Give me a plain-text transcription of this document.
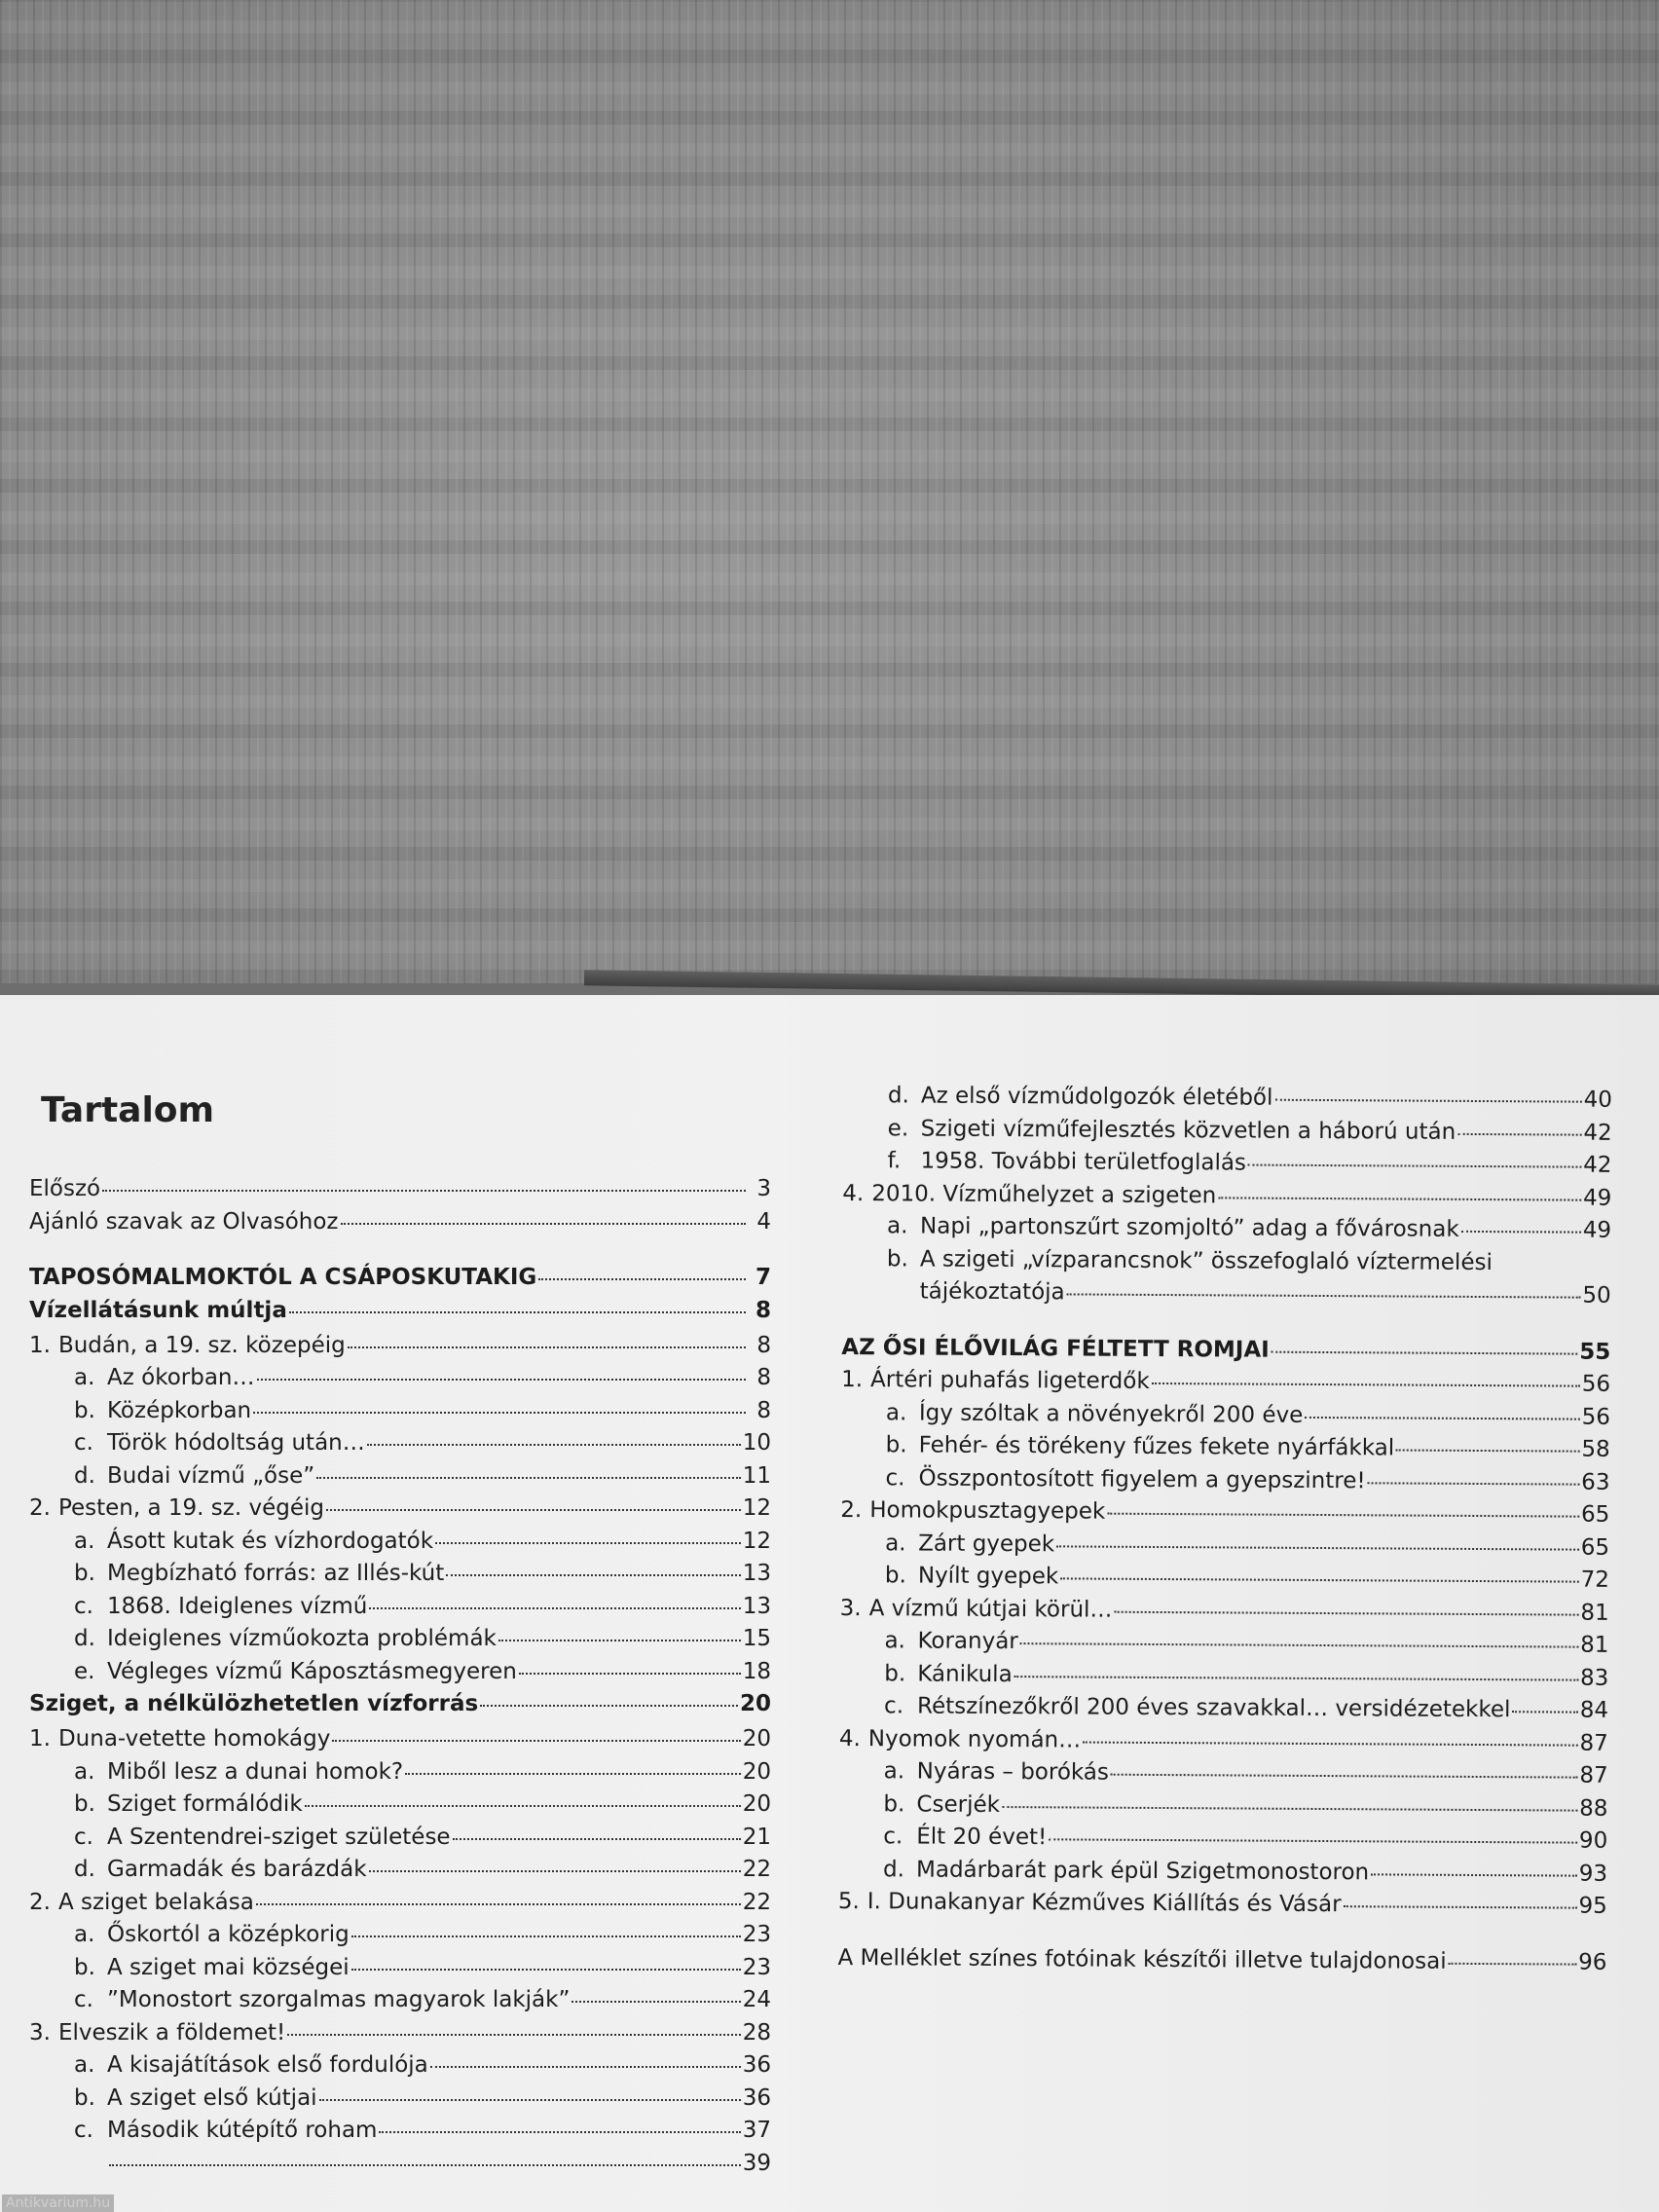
Tartalom
Előszó	3
Ajánló szavak az Olvasóhoz	4
TAPOSÓMALMOKTÓL A CSÁPOSKUTAKIG	7
Vízellátásunk múltja	8
1. Budán, a 19. sz. közepéig	8
a. Az ókorban…	8
b. Középkorban	8
c. Török hódoltság után…	10
d. Budai vízmű „őse”	11
2. Pesten, a 19. sz. végéig	12
a. Ásott kutak és vízhordogatók	12
b. Megbízható forrás: az Illés-kút	13
c. 1868. Ideiglenes vízmű	13
d. Ideiglenes vízműokozta problémák	15
e. Végleges vízmű Káposztásmegyeren	18
Sziget, a nélkülözhetetlen vízforrás	20
1. Duna-vetette homokágy	20
a. Miből lesz a dunai homok?	20
b. Sziget formálódik	20
c. A Szentendrei-sziget születése	21
d. Garmadák és barázdák	22
2. A sziget belakása	22
a. Őskortól a középkorig	23
b. A sziget mai községei	23
c. ”Monostort szorgalmas magyarok lakják”	24
3. Elveszik a földemet!	28
a. A kisajátítások első fordulója	36
b. A sziget első kútjai	36
c. Második kútépítő roham	37
39
d. Az első vízműdolgozók életéből	40
e. Szigeti vízműfejlesztés közvetlen a háború után	42
f. 1958. További területfoglalás	42
4. 2010. Vízműhelyzet a szigeten	49
a. Napi „partonszűrt szomjoltó” adag a fővárosnak	49
b. A szigeti „vízparancsnok” összefoglaló víztermelési
tájékoztatója	50
AZ ŐSI ÉLŐVILÁG FÉLTETT ROMJAI	55
1. Ártéri puhafás ligeterdők	56
a. Így szóltak a növényekről 200 éve	56
b. Fehér- és törékeny fűzes fekete nyárfákkal	58
c. Összpontosított figyelem a gyepszintre!	63
2. Homokpusztagyepek	65
a. Zárt gyepek	65
b. Nyílt gyepek	72
3. A vízmű kútjai körül…	81
a. Koranyár	81
b. Kánikula	83
c. Rétszínezőkről 200 éves szavakkal… versidézetekkel	84
4. Nyomok nyomán…	87
a. Nyáras – borókás	87
b. Cserjék	88
c. Élt 20 évet!	90
d. Madárbarát park épül Szigetmonostoron	93
5. I. Dunakanyar Kézműves Kiállítás és Vásár	95
A Melléklet színes fotóinak készítői illetve tulajdonosai	96
Antikvarium.hu
